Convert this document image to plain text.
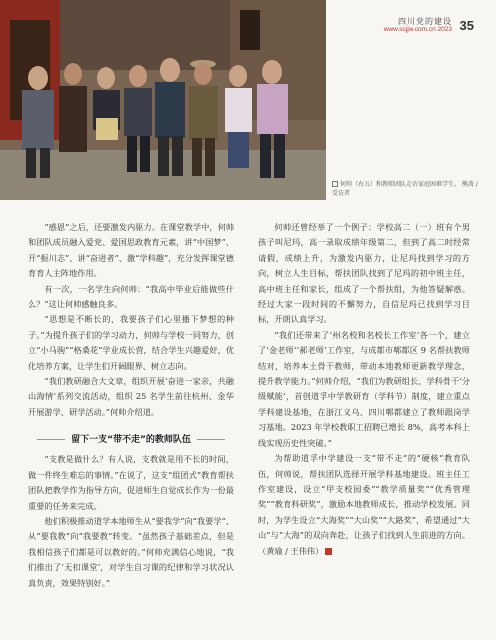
四川党的建设
www.scjjw.com.cn 2023 35
何帅（右五）和教师团队走访家庭困难学生。 熊波 / 受访者

“感恩”之后，还要激发内驱力。在课堂教学中，何帅和团队成员融入爱党、爱国思政教育元素，讲“中国梦”、开“振川志”、讲“奋进者”、激“学科趣”，充分发挥课堂德育育人主阵地作用。

有一次，一名学生向何帅：“我高中毕业后能做些什么？”这让何帅感触良多。

“思想是不断长的，我要孩子们心里播下梦想的种子。”为提升孩子们的学习动力，何帅与学校一同努力，创立“小马驹”“格桑花”学业成长营，结合学生兴趣爱好，优化培养方案，让学生们开阔眼界、树立志向。

“我们教研融合大文章，组织开展‘奋进一家亲，共融山海情’系列交流活动，组织 25 名学生前往杭州、金华开展游学、研学活动。”何帅介绍道。

“支教是做什么？有人说，支教就是用不长的时间，做一件终生难忘的事情。”在说了，这支“组团式”教育帮扶团队把教学作为指导方向，促进师生自觉成长作为一份最重要的任务来完成。

他们积极推动道学本地师生从“要我学”向“我要学”、从“要我教”向“我要教”转变。“虽然孩子基础差点，但是我相信孩子们都是可以教好的。”何帅充满信心地说，“我们推出了‘无扣课堂’，对学生自习课的纪律和学习状况认真负责，效果特别好。”

留下一支“带不走”的教师队伍

何帅还曾经举了一个例子：学校高二（一）班有个男孩子叫尼玛，高一录取成绩年级第二，但到了高二时经常请假，成绩上升，为激发内驱力，让尼玛找到学习的方向，树立人生目标，帮扶团队找到了尼玛的初中班主任，高中班主任和家长，组成了一个帮扶组，为他答疑解惑。经过大家一段时间的不懈努力，自信尼玛已找到学习目标，开朗认真学习。

“我们还带来了‘州名校和名校长工作室’各一个，建立了‘金老师’‘郝老师’工作室，与成都市郫都区 9 名帮扶教师结对，培养本土骨干教师，带动本地教师更新教学理念，提升教学能力。”何帅介绍，“我们为教研组长、学科骨干‘分级赋能’，首创道孚中学教研育（学科节）制度，建立重点学科建设基地，在浙江义乌、四川郫都建立了教师跟岗学习基地。2023 年学校教职工招聘已增长 8%，高考本科上线实现历史性突破。”

为帮助道孚中学建设一支“带不走”的“硬核”教育队伍，何帅说，帮扶团队选择开展学科基地建设。班主任工作室建设，设立“甲支校园委”“教学质量奖”“优秀管理奖”“教育科研奖”，激励本地教师成长，推动学校发展。同时，为学生设立“大海奖”“大山奖”“大路奖”，希望通过“大山”与“大海”的双向奔赴，让孩子们找到人生前进的方向。（黄瑜 / 王伟伟）
